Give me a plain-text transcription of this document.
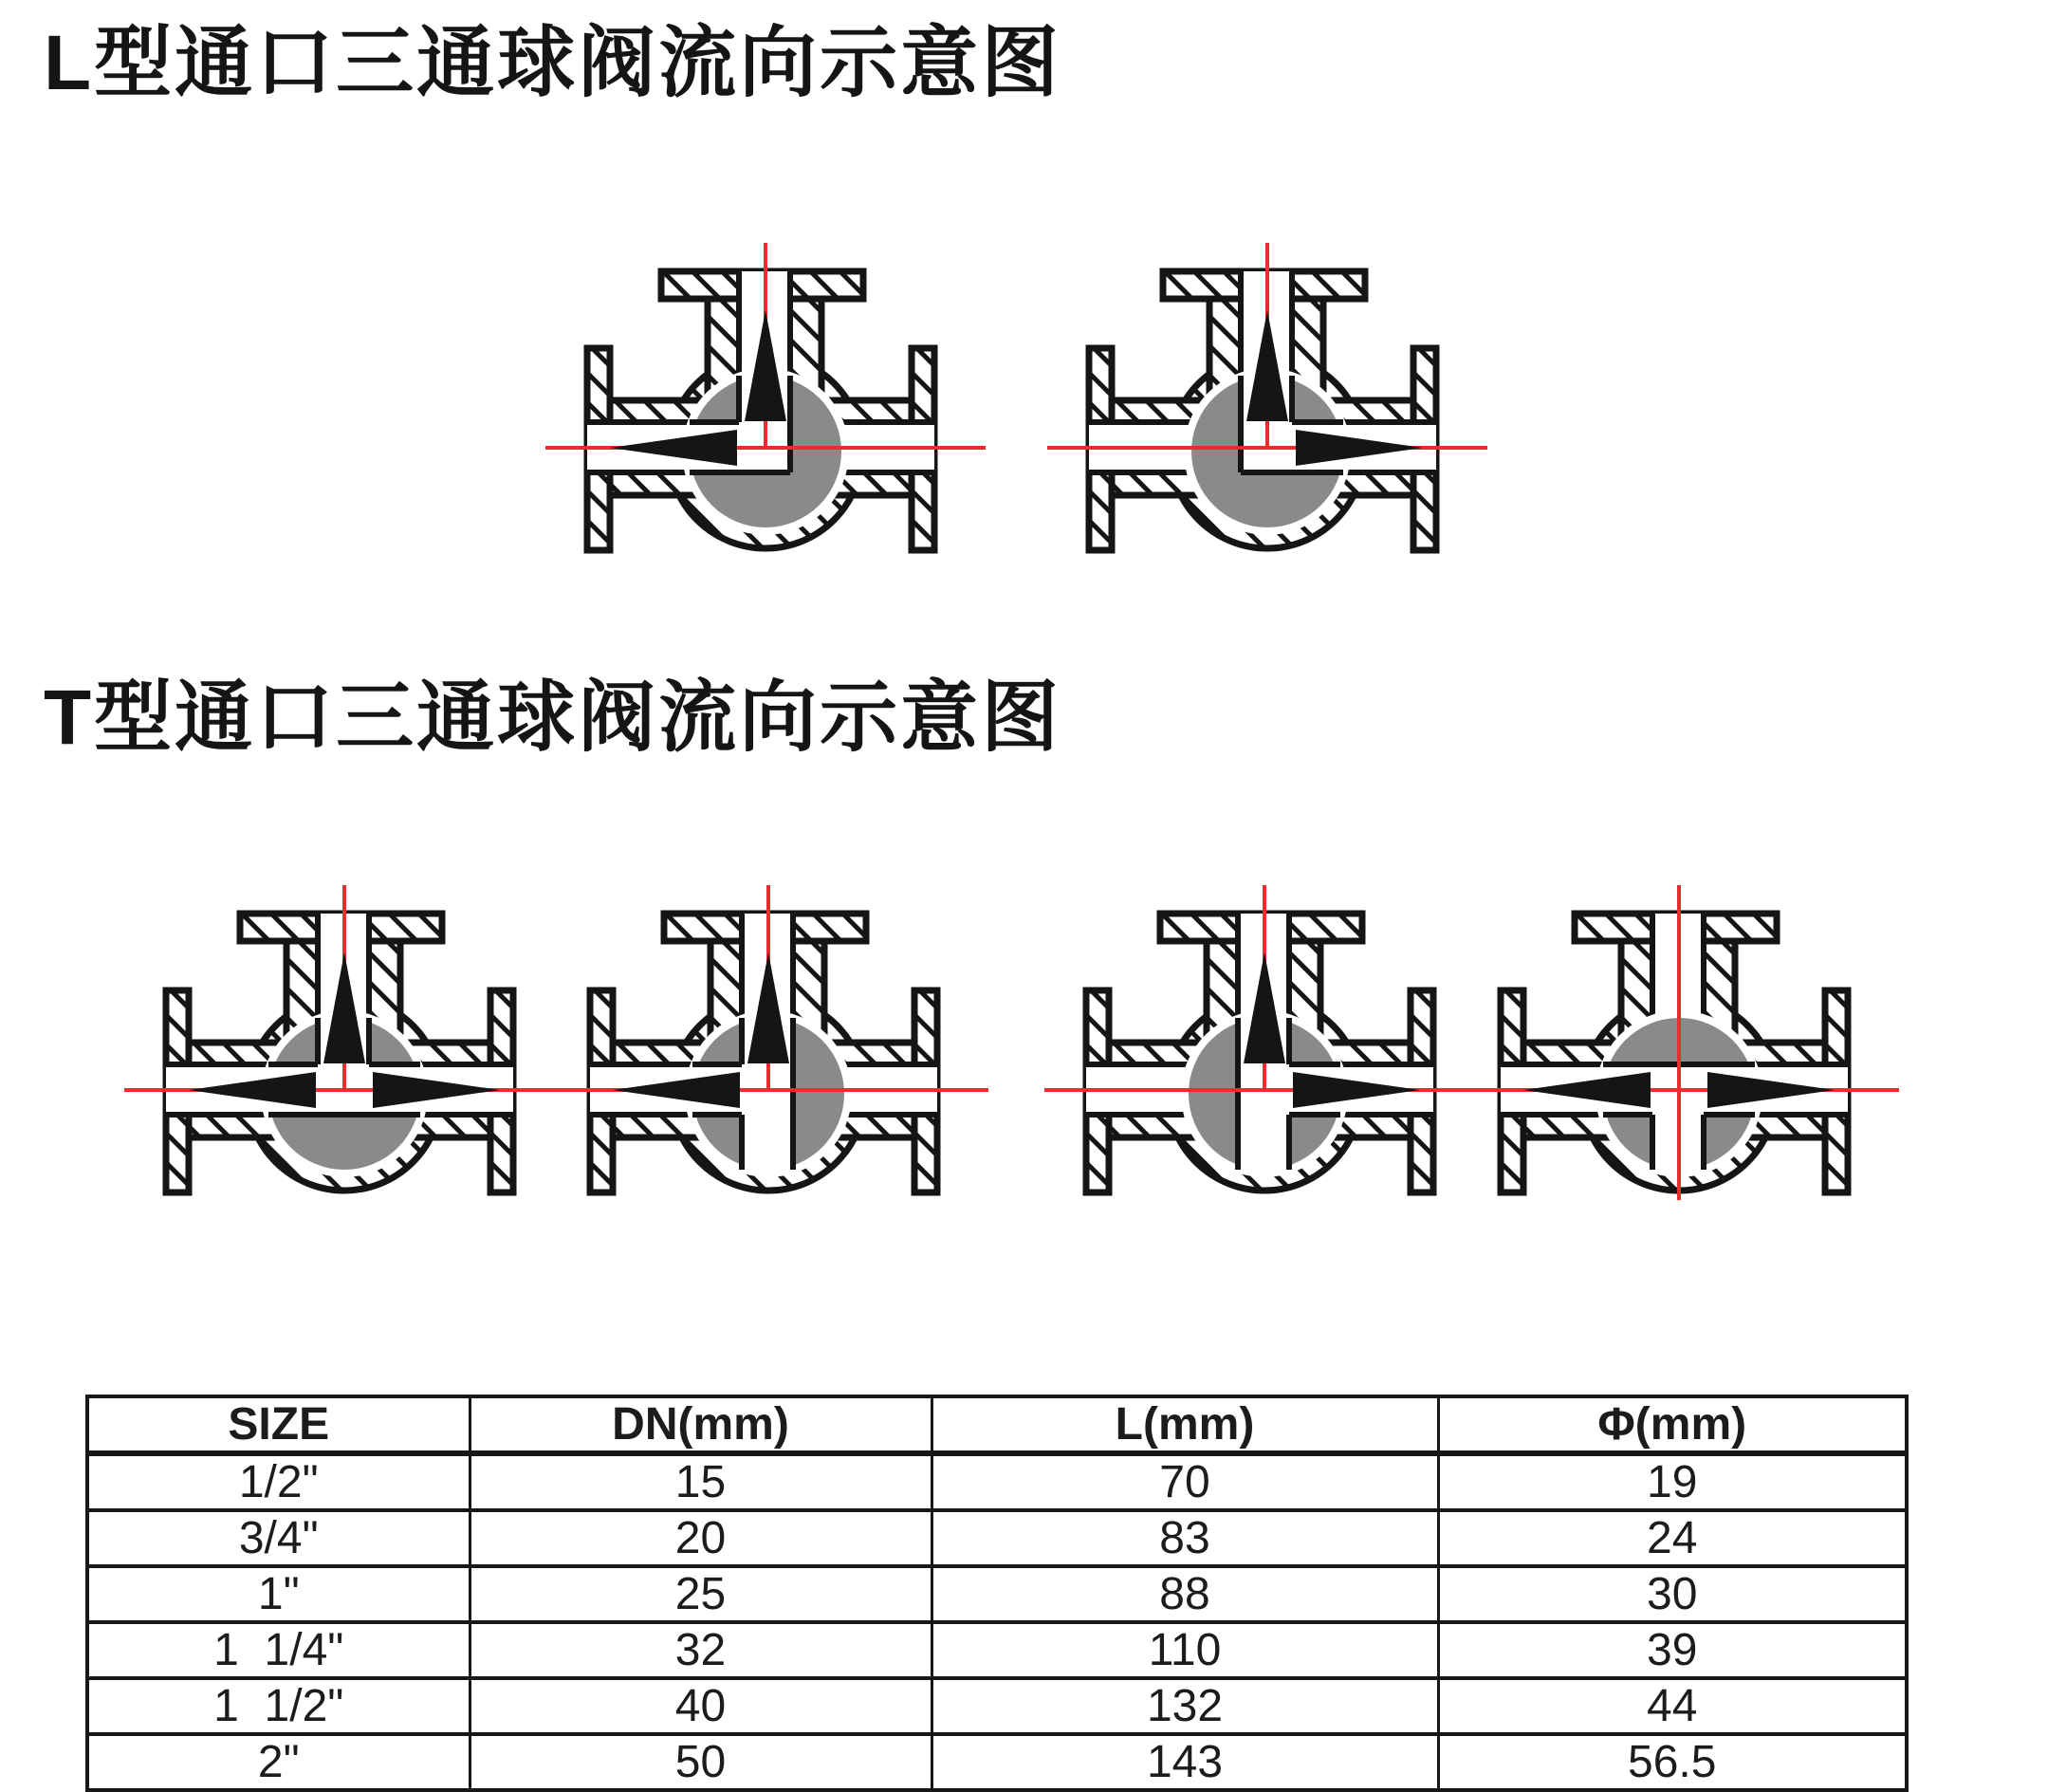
L型通口三通球阀流向示意图
T型通口三通球阀流向示意图
SIZE	DN(mm)	L(mm)	Φ(mm)
1/2"	15	70	19
3/4"	20	83	24
1"	25	88	30
1  1/4"	32	110	39
1  1/2"	40	132	44
2"	50	143	56.5
